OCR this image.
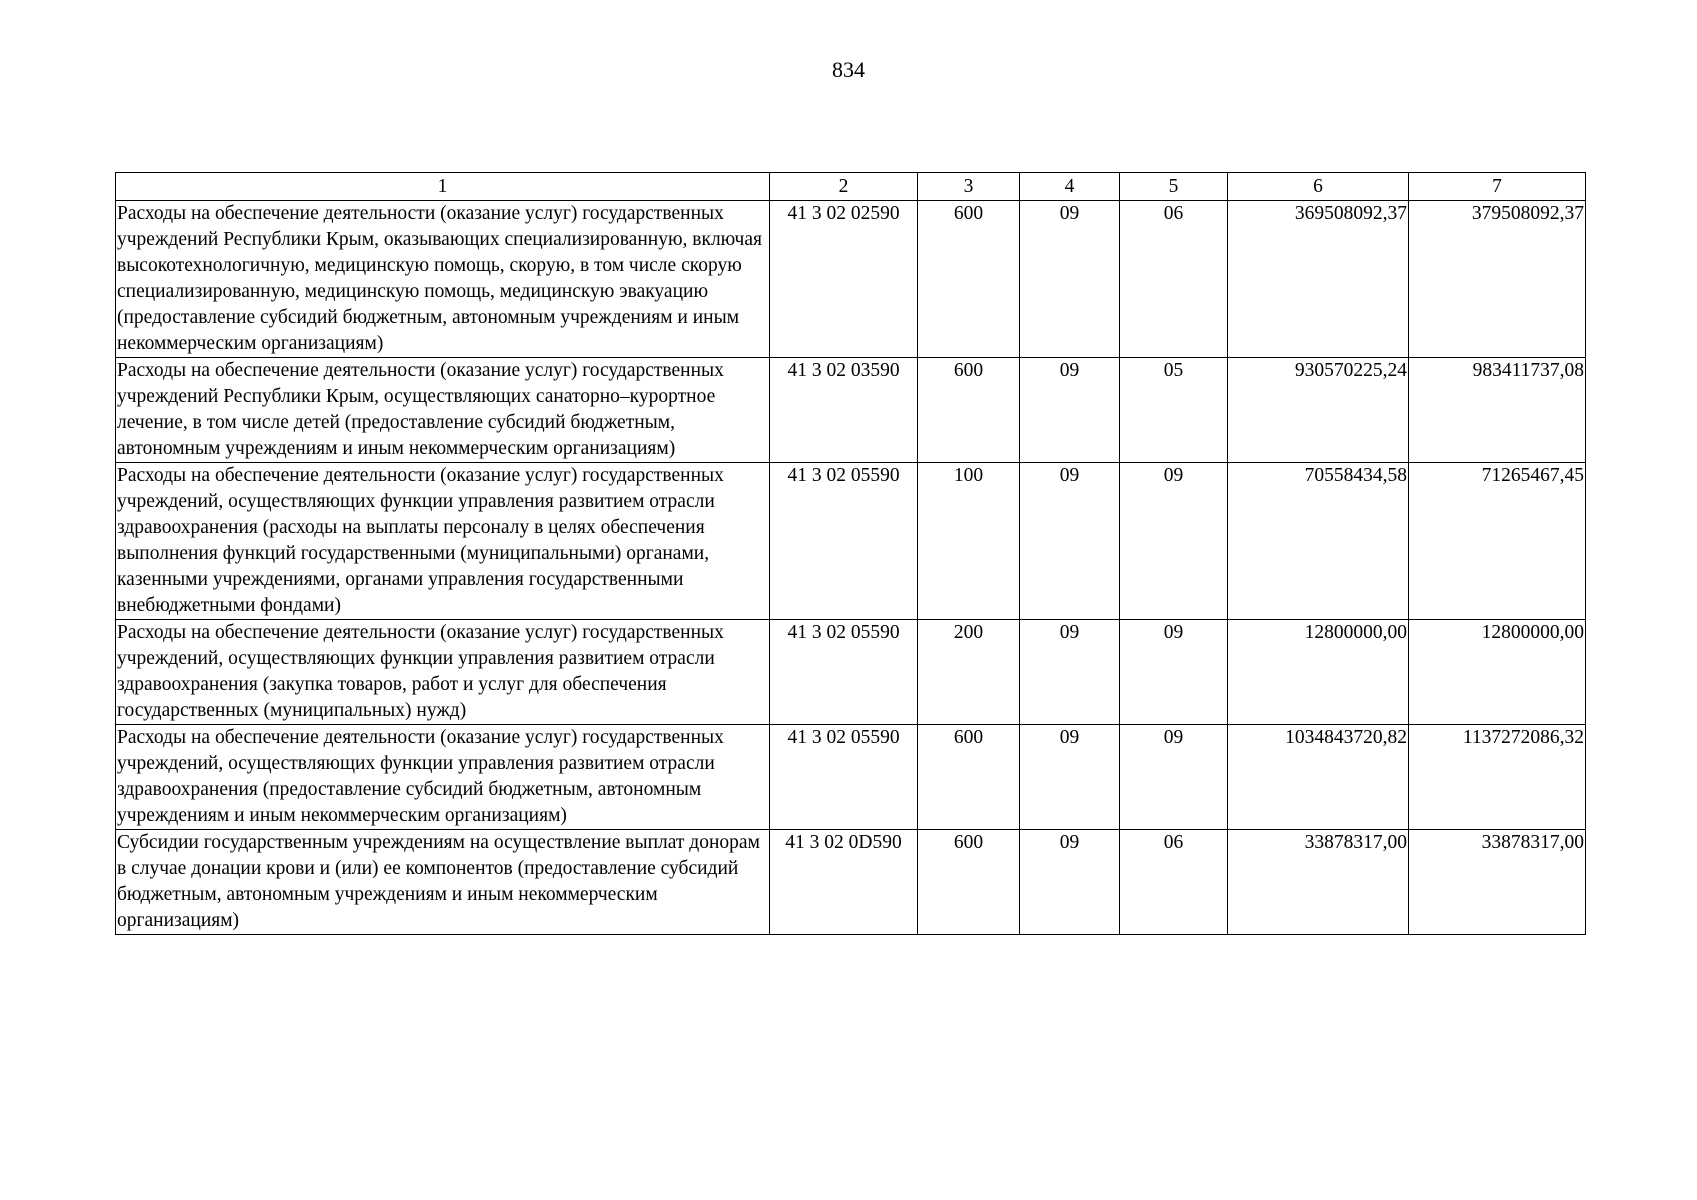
834
1	2	3	4	5	6	7
Расходы на обеспечение деятельности (оказание услуг) государственных учреждений Республики Крым, оказывающих специализированную, включая высокотехнологичную, медицинскую помощь, скорую, в том числе скорую специализированную, медицинскую помощь, медицинскую эвакуацию (предоставление субсидий бюджетным, автономным учреждениям и иным некоммерческим организациям)	41 3 02 02590	600	09	06	369508092,37	379508092,37
Расходы на обеспечение деятельности (оказание услуг) государственных учреждений Республики Крым, осуществляющих санаторно–курортное лечение, в том числе детей (предоставление субсидий бюджетным, автономным учреждениям и иным некоммерческим организациям)	41 3 02 03590	600	09	05	930570225,24	983411737,08
Расходы на обеспечение деятельности (оказание услуг) государственных учреждений, осуществляющих функции управления развитием отрасли здравоохранения (расходы на выплаты персоналу в целях обеспечения выполнения функций государственными (муниципальными) органами, казенными учреждениями, органами управления государственными внебюджетными фондами)	41 3 02 05590	100	09	09	70558434,58	71265467,45
Расходы на обеспечение деятельности (оказание услуг) государственных учреждений, осуществляющих функции управления развитием отрасли здравоохранения (закупка товаров, работ и услуг для обеспечения государственных (муниципальных) нужд)	41 3 02 05590	200	09	09	12800000,00	12800000,00
Расходы на обеспечение деятельности (оказание услуг) государственных учреждений, осуществляющих функции управления развитием отрасли здравоохранения (предоставление субсидий бюджетным, автономным учреждениям и иным некоммерческим организациям)	41 3 02 05590	600	09	09	1034843720,82	1137272086,32
Субсидии государственным учреждениям на осуществление выплат донорам в случае донации крови и (или) ее компонентов (предоставление субсидий бюджетным, автономным учреждениям и иным некоммерческим организациям)	41 3 02 0D590	600	09	06	33878317,00	33878317,00
